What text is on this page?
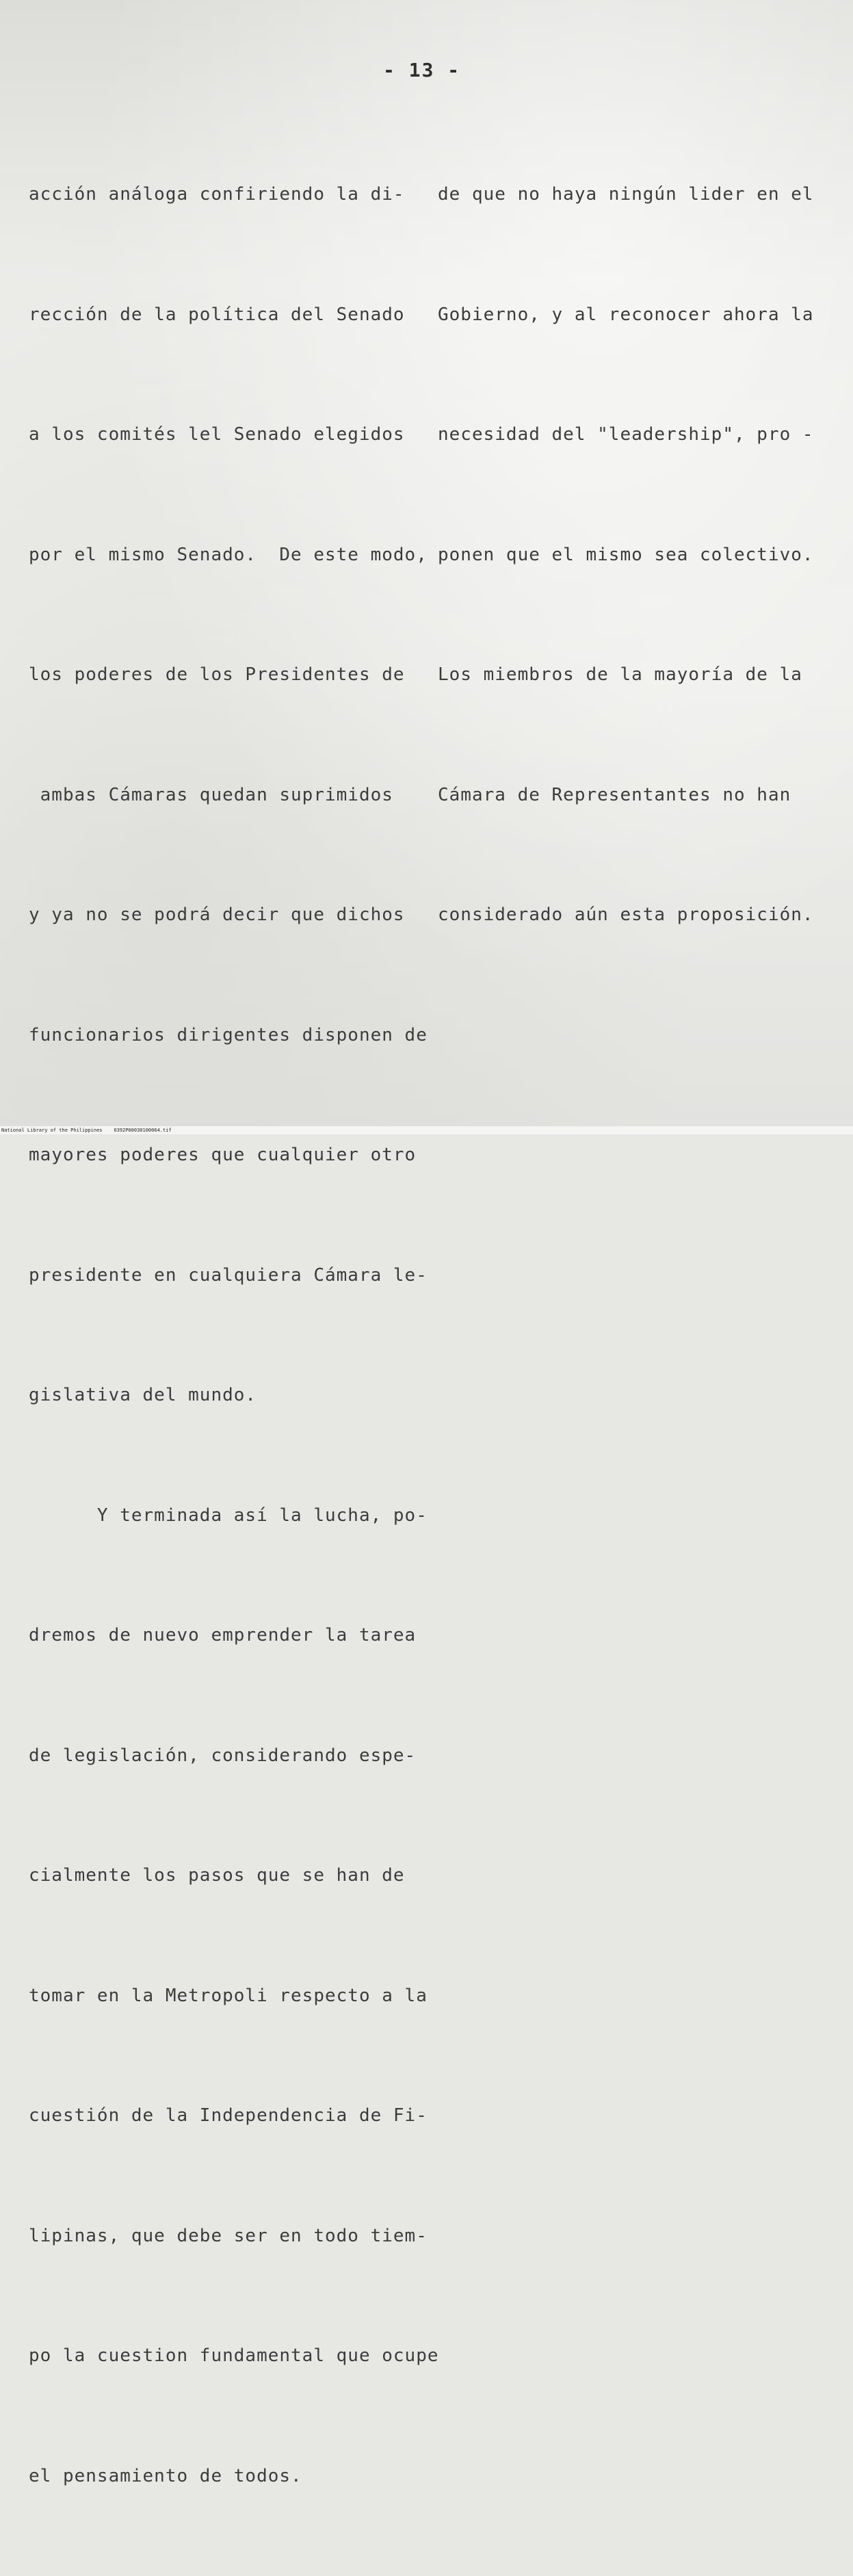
- 13 -

acción análoga confiriendo la di-

rección de la política del Senado

a los comités lel Senado elegidos

por el mismo Senado.  De este modo,

los poderes de los Presidentes de

ambas Cámaras quedan suprimidos

y ya no se podrá decir que dichos

funcionarios dirigentes disponen de

mayores poderes que cualquier otro

presidente en cualquiera Cámara le-

gislativa del mundo.

Y terminada así la lucha, po-

dremos de nuevo emprender la tarea

de legislación, considerando espe-

cialmente los pasos que se han de

tomar en la Metropoli respecto a la

cuestión de la Independencia de Fi-

lipinas, que debe ser en todo tiem-

po la cuestion fundamental que ocupe

el pensamiento de todos.

de que no haya ningún lider en el

Gobierno, y al reconocer ahora la

necesidad del "leadership", pro -

ponen que el mismo sea colectivo.

Los miembros de la mayoría de la

Cámara de Representantes no han

considerado aún esta proposición.

National Library of the Philippines    0392P00030100064.tif
